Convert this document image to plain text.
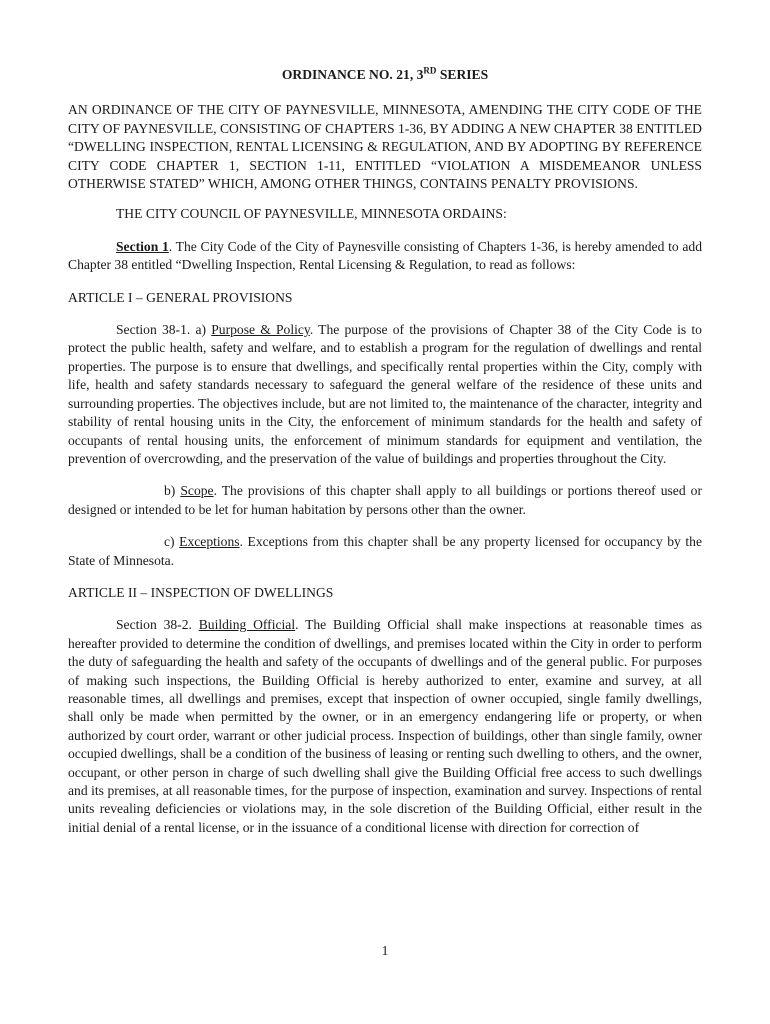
ORDINANCE NO. 21, 3RD SERIES

AN ORDINANCE OF THE CITY OF PAYNESVILLE, MINNESOTA, AMENDING THE CITY CODE OF THE CITY OF PAYNESVILLE, CONSISTING OF CHAPTERS 1-36, BY ADDING A NEW CHAPTER 38 ENTITLED “DWELLING INSPECTION, RENTAL LICENSING & REGULATION, AND BY ADOPTING BY REFERENCE CITY CODE CHAPTER 1, SECTION 1-11, ENTITLED “VIOLATION A MISDEMEANOR UNLESS OTHERWISE STATED” WHICH, AMONG OTHER THINGS, CONTAINS PENALTY PROVISIONS.

THE CITY COUNCIL OF PAYNESVILLE, MINNESOTA ORDAINS:

Section 1. The City Code of the City of Paynesville consisting of Chapters 1-36, is hereby amended to add Chapter 38 entitled “Dwelling Inspection, Rental Licensing & Regulation, to read as follows:

ARTICLE I – GENERAL PROVISIONS

Section 38-1. a) Purpose & Policy. The purpose of the provisions of Chapter 38 of the City Code is to protect the public health, safety and welfare, and to establish a program for the regulation of dwellings and rental properties. The purpose is to ensure that dwellings, and specifically rental properties within the City, comply with life, health and safety standards necessary to safeguard the general welfare of the residence of these units and surrounding properties. The objectives include, but are not limited to, the maintenance of the character, integrity and stability of rental housing units in the City, the enforcement of minimum standards for the health and safety of occupants of rental housing units, the enforcement of minimum standards for equipment and ventilation, the prevention of overcrowding, and the preservation of the value of buildings and properties throughout the City.

b) Scope. The provisions of this chapter shall apply to all buildings or portions thereof used or designed or intended to be let for human habitation by persons other than the owner.

c) Exceptions. Exceptions from this chapter shall be any property licensed for occupancy by the State of Minnesota.

ARTICLE II – INSPECTION OF DWELLINGS

Section 38-2. Building Official. The Building Official shall make inspections at reasonable times as hereafter provided to determine the condition of dwellings, and premises located within the City in order to perform the duty of safeguarding the health and safety of the occupants of dwellings and of the general public. For purposes of making such inspections, the Building Official is hereby authorized to enter, examine and survey, at all reasonable times, all dwellings and premises, except that inspection of owner occupied, single family dwellings, shall only be made when permitted by the owner, or in an emergency endangering life or property, or when authorized by court order, warrant or other judicial process. Inspection of buildings, other than single family, owner occupied dwellings, shall be a condition of the business of leasing or renting such dwelling to others, and the owner, occupant, or other person in charge of such dwelling shall give the Building Official free access to such dwellings and its premises, at all reasonable times, for the purpose of inspection, examination and survey. Inspections of rental units revealing deficiencies or violations may, in the sole discretion of the Building Official, either result in the initial denial of a rental license, or in the issuance of a conditional license with direction for correction of

1
